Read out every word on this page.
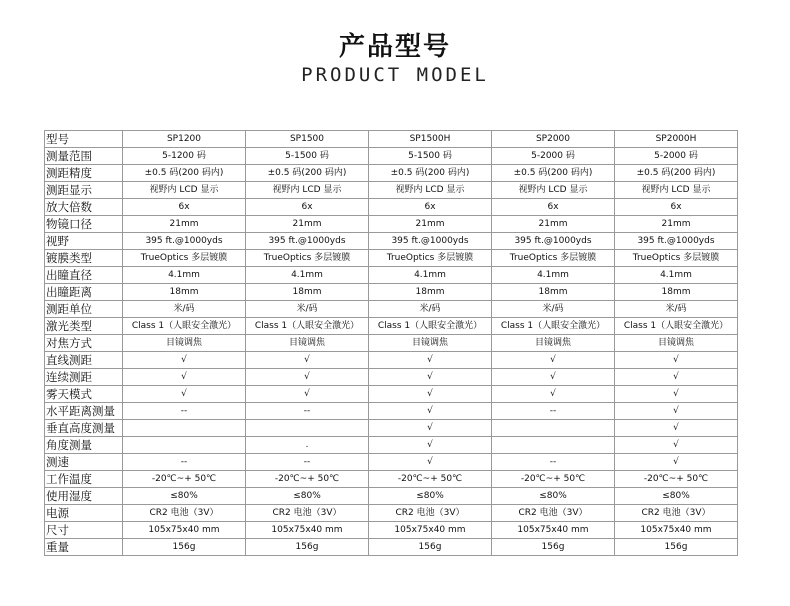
产品型号
PRODUCT MODEL
型号	SP1200	SP1500	SP1500H	SP2000	SP2000H
测量范围	5-1200 码	5-1500 码	5-1500 码	5-2000 码	5-2000 码
测距精度	±0.5 码(200 码内)	±0.5 码(200 码内)	±0.5 码(200 码内)	±0.5 码(200 码内)	±0.5 码(200 码内)
测距显示	视野内 LCD 显示	视野内 LCD 显示	视野内 LCD 显示	视野内 LCD 显示	视野内 LCD 显示
放大倍数	6x	6x	6x	6x	6x
物镜口径	21mm	21mm	21mm	21mm	21mm
视野	395 ft.@1000yds	395 ft.@1000yds	395 ft.@1000yds	395 ft.@1000yds	395 ft.@1000yds
镀膜类型	TrueOptics 多层镀膜	TrueOptics 多层镀膜	TrueOptics 多层镀膜	TrueOptics 多层镀膜	TrueOptics 多层镀膜
出瞳直径	4.1mm	4.1mm	4.1mm	4.1mm	4.1mm
出瞳距离	18mm	18mm	18mm	18mm	18mm
测距单位	米/码	米/码	米/码	米/码	米/码
激光类型	Class 1（人眼安全激光）	Class 1（人眼安全激光）	Class 1（人眼安全激光）	Class 1（人眼安全激光）	Class 1（人眼安全激光）
对焦方式	目镜调焦	目镜调焦	目镜调焦	目镜调焦	目镜调焦
直线测距	√	√	√	√	√
连续测距	√	√	√	√	√
雾天模式	√	√	√	√	√
水平距离测量	--	--	√	--	√
垂直高度测量			√		√
角度测量		.	√		√
测速	--	--	√	--	√
工作温度	-20℃~+ 50℃	-20℃~+ 50℃	-20℃~+ 50℃	-20℃~+ 50℃	-20℃~+ 50℃
使用湿度	≤80%	≤80%	≤80%	≤80%	≤80%
电源	CR2 电池（3V）	CR2 电池（3V）	CR2 电池（3V）	CR2 电池（3V）	CR2 电池（3V）
尺寸	105x75x40 mm	105x75x40 mm	105x75x40 mm	105x75x40 mm	105x75x40 mm
重量	156g	156g	156g	156g	156g
